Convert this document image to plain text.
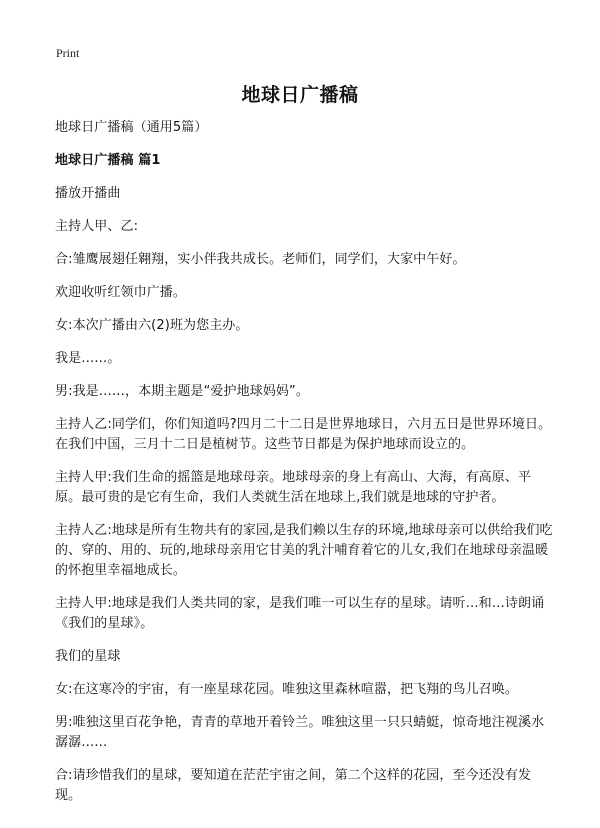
Print
地球日广播稿

地球日广播稿（通用5篇）

地球日广播稿 篇1

播放开播曲

主持人甲、乙:

合:雏鹰展翅任翱翔，实小伴我共成长。老师们，同学们，大家中午好。

欢迎收听红领巾广播。

女:本次广播由六(2)班为您主办。

我是……。

男:我是……，本期主题是“爱护地球妈妈”。

主持人乙:同学们，你们知道吗?四月二十二日是世界地球日，六月五日是世界环境日。在我们中国，三月十二日是植树节。这些节日都是为保护地球而设立的。

主持人甲:我们生命的摇篮是地球母亲。地球母亲的身上有高山、大海，有高原、平原。最可贵的是它有生命，我们人类就生活在地球上,我们就是地球的守护者。

主持人乙:地球是所有生物共有的家园,是我们赖以生存的环境,地球母亲可以供给我们吃的、穿的、用的、玩的,地球母亲用它甘美的乳汁哺育着它的儿女,我们在地球母亲温暖的怀抱里幸福地成长。

主持人甲:地球是我们人类共同的家，是我们唯一可以生存的星球。请听…和…诗朗诵《我们的星球》。

我们的星球

女:在这寒冷的宇宙，有一座星球花园。唯独这里森林喧嚣，把飞翔的鸟儿召唤。

男:唯独这里百花争艳，青青的草地开着铃兰。唯独这里一只只蜻蜓，惊奇地注视溪水潺潺……

合:请珍惜我们的星球，要知道在茫茫宇宙之间，第二个这样的花园，至今还没有发现。
